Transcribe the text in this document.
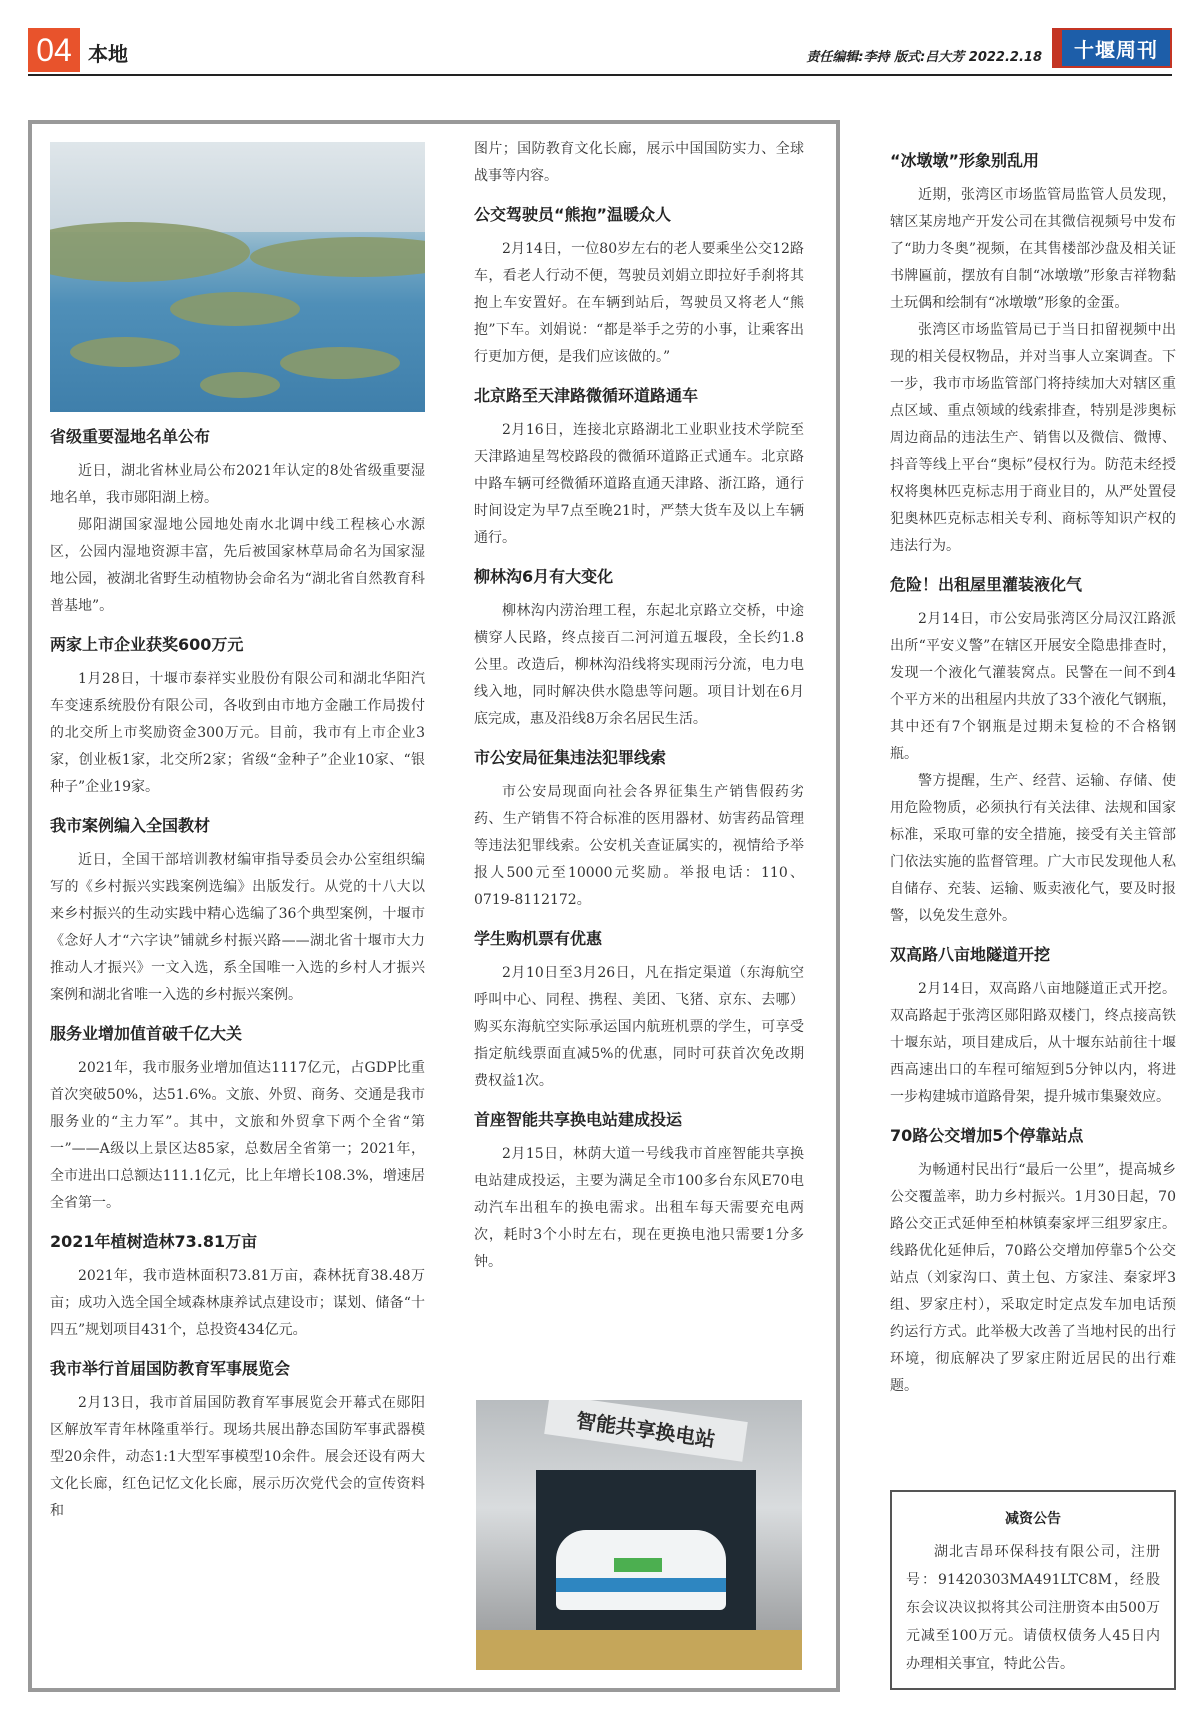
04 本地	责任编辑:李持 版式:吕大芳 2022.2.18	十堰周刊
省级重要湿地名单公布

近日，湖北省林业局公布2021年认定的8处省级重要湿地名单，我市郧阳湖上榜。

郧阳湖国家湿地公园地处南水北调中线工程核心水源区，公园内湿地资源丰富，先后被国家林草局命名为国家湿地公园，被湖北省野生动植物协会命名为“湖北省自然教育科普基地”。

两家上市企业获奖600万元

1月28日，十堰市泰祥实业股份有限公司和湖北华阳汽车变速系统股份有限公司，各收到由市地方金融工作局拨付的北交所上市奖励资金300万元。目前，我市有上市企业3家，创业板1家，北交所2家；省级“金种子”企业10家、“银种子”企业19家。

我市案例编入全国教材

近日，全国干部培训教材编审指导委员会办公室组织编写的《乡村振兴实践案例选编》出版发行。从党的十八大以来乡村振兴的生动实践中精心选编了36个典型案例，十堰市《念好人才“六字诀”铺就乡村振兴路——湖北省十堰市大力推动人才振兴》一文入选，系全国唯一入选的乡村人才振兴案例和湖北省唯一入选的乡村振兴案例。

服务业增加值首破千亿大关

2021年，我市服务业增加值达1117亿元，占GDP比重首次突破50%，达51.6%。文旅、外贸、商务、交通是我市服务业的“主力军”。其中，文旅和外贸拿下两个全省“第一”——A级以上景区达85家，总数居全省第一；2021年，全市进出口总额达111.1亿元，比上年增长108.3%，增速居全省第一。

2021年植树造林73.81万亩

2021年，我市造林面积73.81万亩，森林抚育38.48万亩；成功入选全国全域森林康养试点建设市；谋划、储备“十四五”规划项目431个，总投资434亿元。

我市举行首届国防教育军事展览会

2月13日，我市首届国防教育军事展览会开幕式在郧阳区解放军青年林隆重举行。现场共展出静态国防军事武器模型20余件，动态1:1大型军事模型10余件。展会还设有两大文化长廊，红色记忆文化长廊，展示历次党代会的宣传资料和

图片；国防教育文化长廊，展示中国国防实力、全球战事等内容。

公交驾驶员“熊抱”温暖众人

2月14日，一位80岁左右的老人要乘坐公交12路车，看老人行动不便，驾驶员刘娟立即拉好手刹将其抱上车安置好。在车辆到站后，驾驶员又将老人“熊抱”下车。刘娟说：“都是举手之劳的小事，让乘客出行更加方便，是我们应该做的。”

北京路至天津路微循环道路通车

2月16日，连接北京路湖北工业职业技术学院至天津路迪星驾校路段的微循环道路正式通车。北京路中路车辆可经微循环道路直通天津路、浙江路，通行时间设定为早7点至晚21时，严禁大货车及以上车辆通行。

柳林沟6月有大变化

柳林沟内涝治理工程，东起北京路立交桥，中途横穿人民路，终点接百二河河道五堰段，全长约1.8公里。改造后，柳林沟沿线将实现雨污分流，电力电线入地，同时解决供水隐患等问题。项目计划在6月底完成，惠及沿线8万余名居民生活。

市公安局征集违法犯罪线索

市公安局现面向社会各界征集生产销售假药劣药、生产销售不符合标准的医用器材、妨害药品管理等违法犯罪线索。公安机关查证属实的，视情给予举报人500元至10000元奖励。举报电话：110、0719-8112172。

学生购机票有优惠

2月10日至3月26日，凡在指定渠道（东海航空呼叫中心、同程、携程、美团、飞猪、京东、去哪）购买东海航空实际承运国内航班机票的学生，可享受指定航线票面直减5%的优惠，同时可获首次免改期费权益1次。

首座智能共享换电站建成投运

2月15日，林荫大道一号线我市首座智能共享换电站建成投运，主要为满足全市100多台东风E70电动汽车出租车的换电需求。出租车每天需要充电两次，耗时3个小时左右，现在更换电池只需要1分多钟。

智能共享换电站
“冰墩墩”形象别乱用

近期，张湾区市场监管局监管人员发现，辖区某房地产开发公司在其微信视频号中发布了“助力冬奥”视频，在其售楼部沙盘及相关证书牌匾前，摆放有自制“冰墩墩”形象吉祥物黏土玩偶和绘制有“冰墩墩”形象的金蛋。

张湾区市场监管局已于当日扣留视频中出现的相关侵权物品，并对当事人立案调查。下一步，我市市场监管部门将持续加大对辖区重点区域、重点领域的线索排查，特别是涉奥标周边商品的违法生产、销售以及微信、微博、抖音等线上平台“奥标”侵权行为。防范未经授权将奥林匹克标志用于商业目的，从严处置侵犯奥林匹克标志相关专利、商标等知识产权的违法行为。

危险！出租屋里灌装液化气

2月14日，市公安局张湾区分局汉江路派出所“平安义警”在辖区开展安全隐患排查时，发现一个液化气灌装窝点。民警在一间不到4个平方米的出租屋内共放了33个液化气钢瓶，其中还有7个钢瓶是过期未复检的不合格钢瓶。

警方提醒，生产、经营、运输、存储、使用危险物质，必须执行有关法律、法规和国家标准，采取可靠的安全措施，接受有关主管部门依法实施的监督管理。广大市民发现他人私自储存、充装、运输、贩卖液化气，要及时报警，以免发生意外。

双高路八亩地隧道开挖

2月14日，双高路八亩地隧道正式开挖。双高路起于张湾区郧阳路双楼门，终点接高铁十堰东站，项目建成后，从十堰东站前往十堰西高速出口的车程可缩短到5分钟以内，将进一步构建城市道路骨架，提升城市集聚效应。

70路公交增加5个停靠站点

为畅通村民出行“最后一公里”，提高城乡公交覆盖率，助力乡村振兴。1月30日起，70路公交正式延伸至柏林镇秦家坪三组罗家庄。线路优化延伸后，70路公交增加停靠5个公交站点（刘家沟口、黄土包、方家洼、秦家坪3组、罗家庄村），采取定时定点发车加电话预约运行方式。此举极大改善了当地村民的出行环境，彻底解决了罗家庄附近居民的出行难题。

减资公告

湖北吉昂环保科技有限公司，注册号：91420303MA491LTC8M，经股东会议决议拟将其公司注册资本由500万元减至100万元。请债权债务人45日内办理相关事宜，特此公告。
